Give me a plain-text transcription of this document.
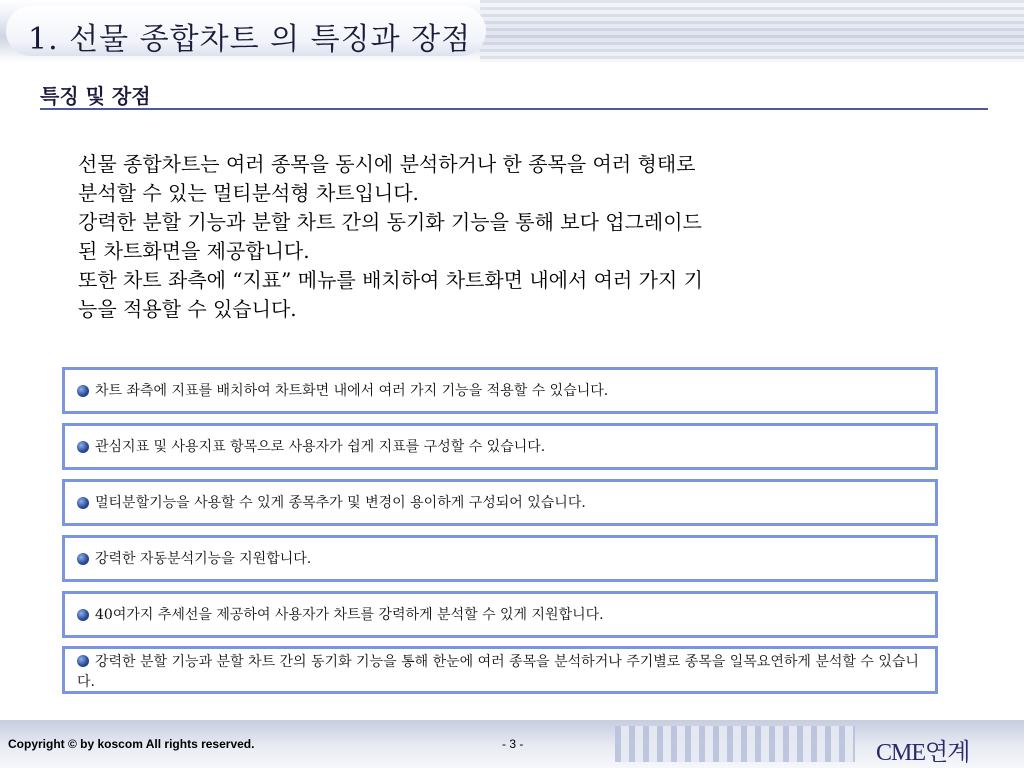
1. 선물 종합차트 의 특징과 장점
특징 및 장점
선물 종합차트는 여러 종목을 동시에 분석하거나 한 종목을 여러 형태로
분석할 수 있는 멀티분석형 차트입니다.
강력한 분할 기능과 분할 차트 간의 동기화 기능을 통해 보다 업그레이드
된 차트화면을 제공합니다.
또한 차트 좌측에 “지표” 메뉴를 배치하여 차트화면 내에서 여러 가지 기
능을 적용할 수 있습니다.
차트 좌측에 지표를 배치하여 차트화면 내에서 여러 가지 기능을 적용할 수 있습니다.
관심지표 및 사용지표 항목으로 사용자가 쉽게 지표를 구성할 수 있습니다.
멀티분할기능을 사용할 수 있게 종목추가 및 변경이 용이하게 구성되어 있습니다.
강력한 자동분석기능을 지원합니다.
40여가지 추세선을 제공하여 사용자가 차트를 강력하게 분석할 수 있게 지원합니다.
강력한 분할 기능과 분할 차트 간의 동기화 기능을 통해 한눈에 여러 종목을 분석하거나 주기별로 종목을 일목요연하게 분석할 수 있습니다.
Copyright © by koscom All rights reserved.	- 3 -	CME연계
